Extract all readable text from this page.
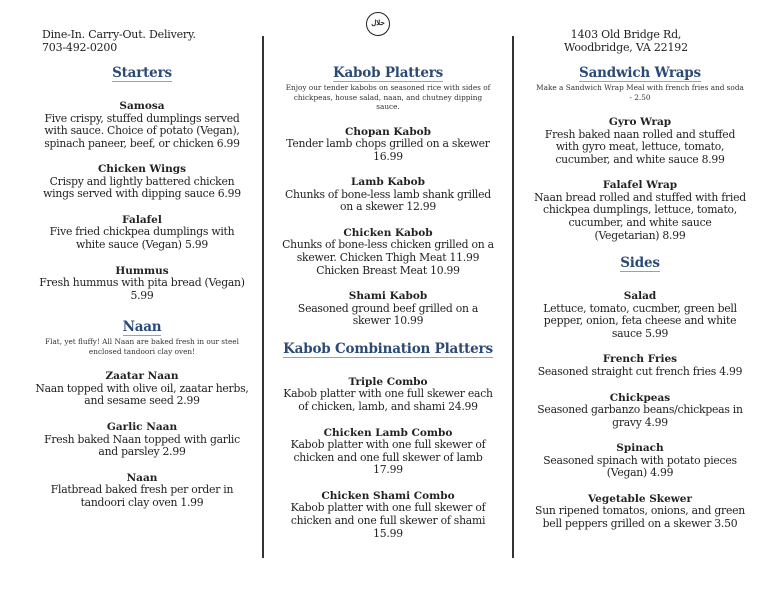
Dine-In. Carry-Out. Delivery.
703-492-0200
ﺣﻼﻝ
1403 Old Bridge Rd,
Woodbridge, VA 22192
Starters
Samosa
Five crispy, stuffed dumplings served
with sauce. Choice of potato (Vegan),
spinach paneer, beef, or chicken 6.99
Chicken Wings
Crispy and lightly battered chicken
wings served with dipping sauce 6.99
Falafel
Five fried chickpea dumplings with
white sauce (Vegan) 5.99
Hummus
Fresh hummus with pita bread (Vegan)
5.99
Naan
Flat, yet fluffy! All Naan are baked fresh in our steel
enclosed tandoori clay oven!
Zaatar Naan
Naan topped with olive oil, zaatar herbs,
and sesame seed 2.99
Garlic Naan
Fresh baked Naan topped with garlic
and parsley 2.99
Naan
Flatbread baked fresh per order in
tandoori clay oven 1.99
Kabob Platters
Enjoy our tender kabobs on seasoned rice with sides of
chickpeas, house salad, naan, and chutney dipping
sauce.
Chopan Kabob
Tender lamb chops grilled on a skewer
16.99
Lamb Kabob
Chunks of bone-less lamb shank grilled
on a skewer 12.99
Chicken Kabob
Chunks of bone-less chicken grilled on a
skewer. Chicken Thigh Meat 11.99
Chicken Breast Meat 10.99
Shami Kabob
Seasoned ground beef grilled on a
skewer 10.99
Kabob Combination Platters
Triple Combo
Kabob platter with one full skewer each
of chicken, lamb, and shami 24.99
Chicken Lamb Combo
Kabob platter with one full skewer of
chicken and one full skewer of lamb
17.99
Chicken Shami Combo
Kabob platter with one full skewer of
chicken and one full skewer of shami
15.99
Sandwich Wraps
Make a Sandwich Wrap Meal with french fries and soda
- 2.50
Gyro Wrap
Fresh baked naan rolled and stuffed
with gyro meat, lettuce, tomato,
cucumber, and white sauce 8.99
Falafel Wrap
Naan bread rolled and stuffed with fried
chickpea dumplings, lettuce, tomato,
cucumber, and white sauce
(Vegetarian) 8.99
Sides
Salad
Lettuce, tomato, cucmber, green bell
pepper, onion, feta cheese and white
sauce 5.99
French Fries
Seasoned straight cut french fries 4.99
Chickpeas
Seasoned garbanzo beans/chickpeas in
gravy 4.99
Spinach
Seasoned spinach with potato pieces
(Vegan) 4.99
Vegetable Skewer
Sun ripened tomatos, onions, and green
bell peppers grilled on a skewer 3.50
